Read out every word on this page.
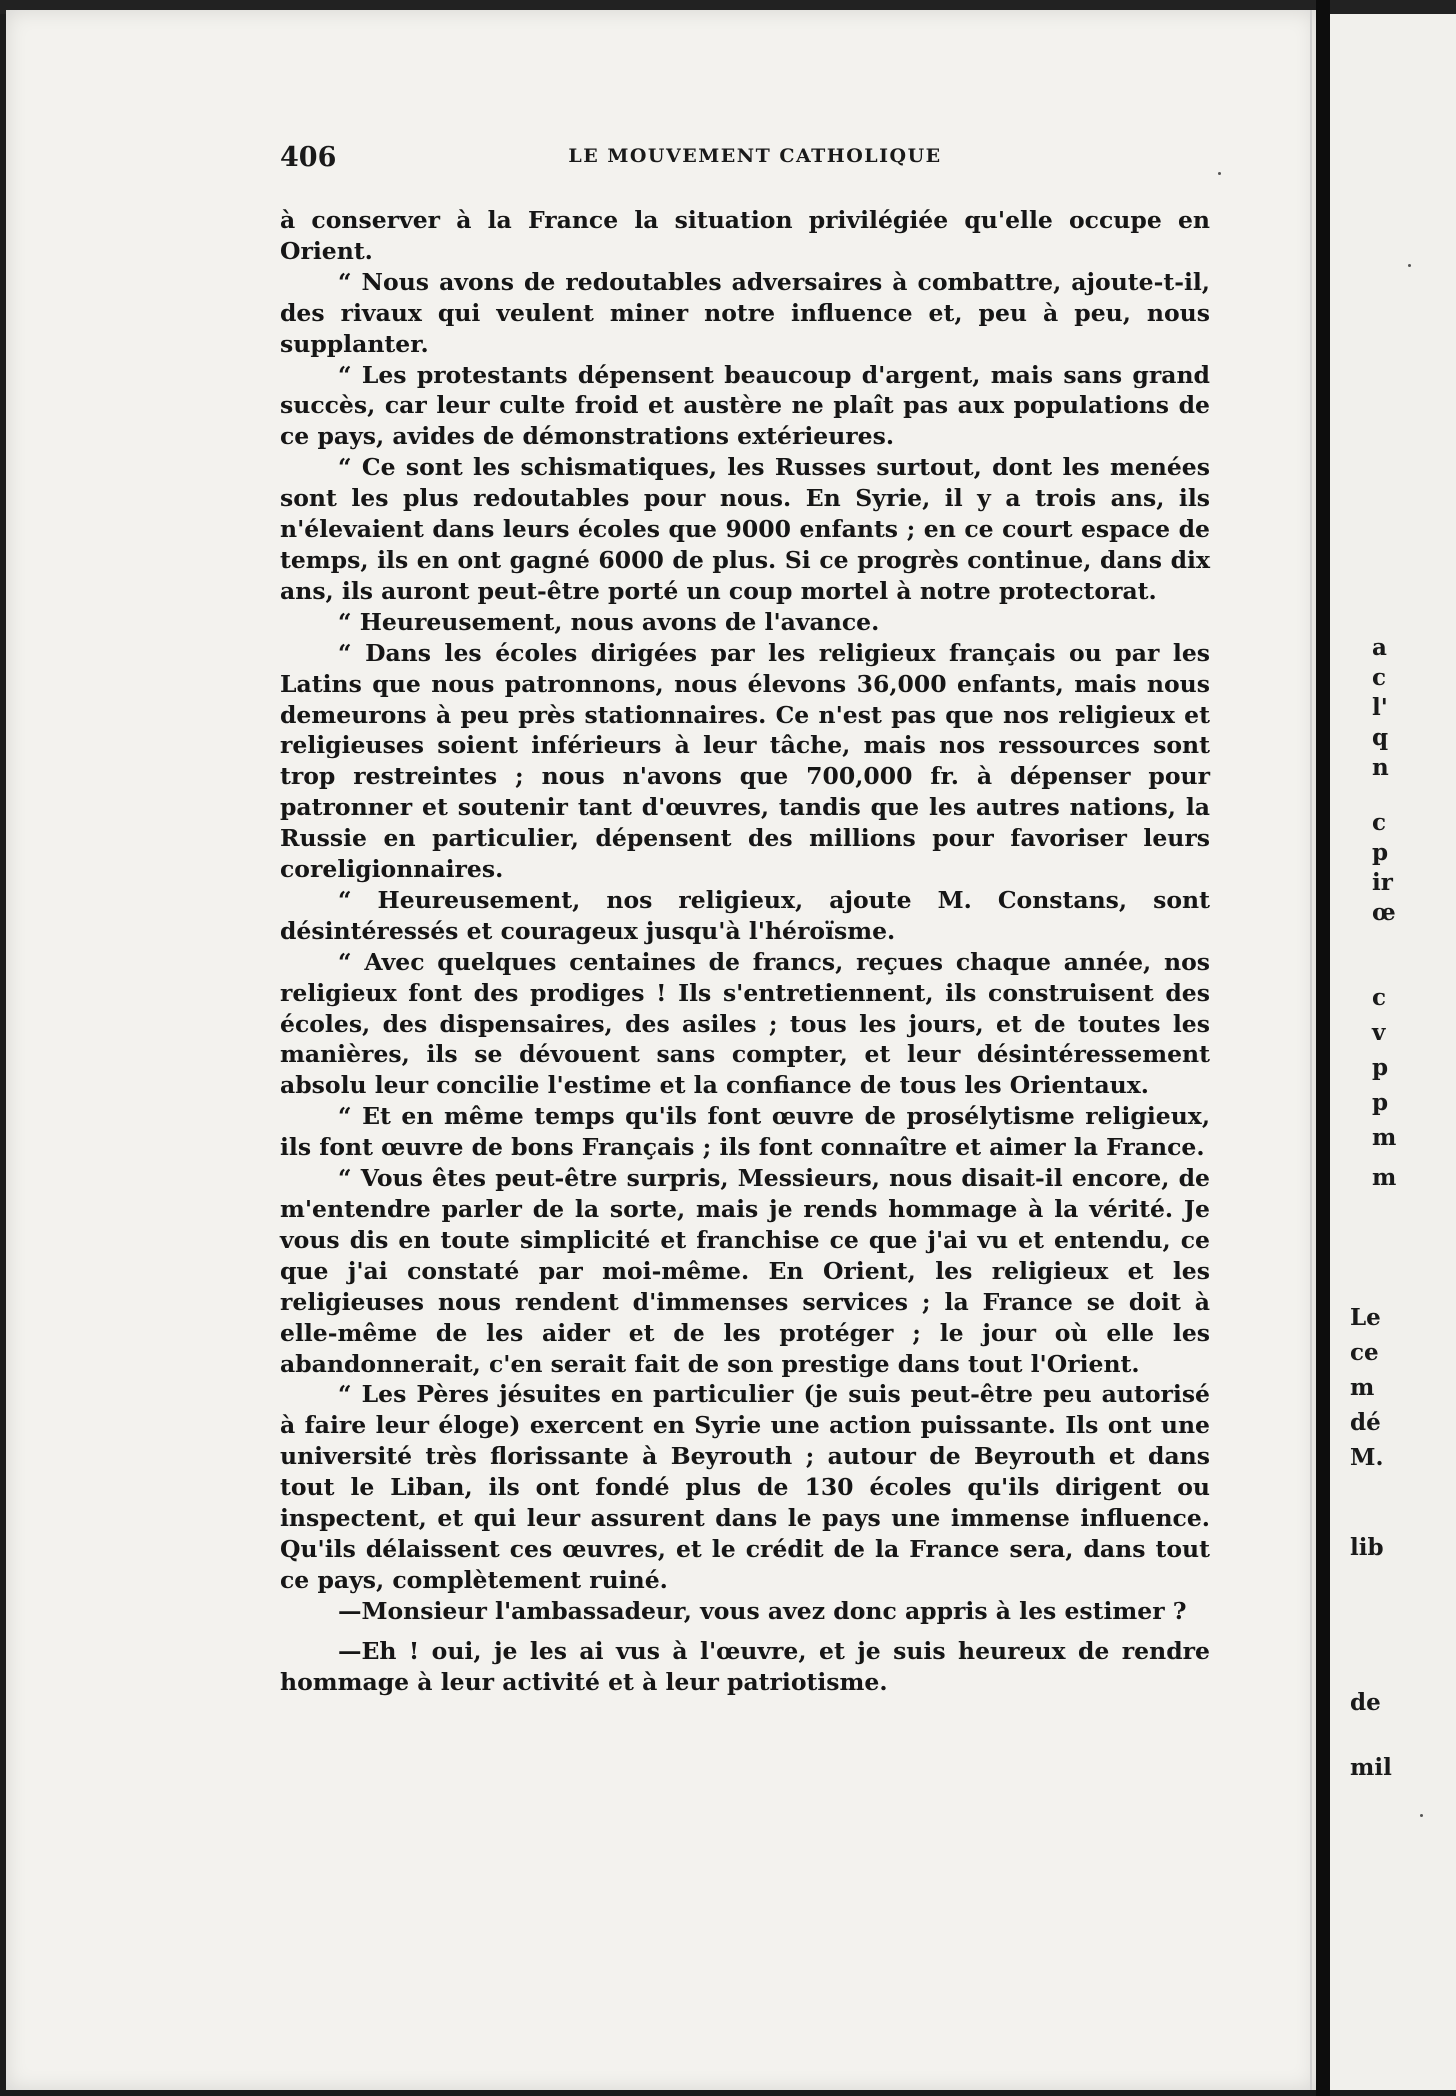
406	LE MOUVEMENT CATHOLIQUE

à conserver à la France la situation privilégiée qu'elle occupe en Orient.

“ Nous avons de redoutables adversaires à combattre, ajoute-t-il, des rivaux qui veulent miner notre influence et, peu à peu, nous supplanter.

“ Les protestants dépensent beaucoup d'argent, mais sans grand succès, car leur culte froid et austère ne plaît pas aux populations de ce pays, avides de démonstrations extérieures.

“ Ce sont les schismatiques, les Russes surtout, dont les menées sont les plus redoutables pour nous. En Syrie, il y a trois ans, ils n'élevaient dans leurs écoles que 9000 enfants ; en ce court espace de temps, ils en ont gagné 6000 de plus. Si ce progrès continue, dans dix ans, ils auront peut-être porté un coup mortel à notre protectorat.

“ Heureusement, nous avons de l'avance.

“ Dans les écoles dirigées par les religieux français ou par les Latins que nous patronnons, nous élevons 36,000 enfants, mais nous demeurons à peu près stationnaires. Ce n'est pas que nos religieux et religieuses soient inférieurs à leur tâche, mais nos ressources sont trop restreintes ; nous n'avons que 700,000 fr. à dépenser pour patronner et soutenir tant d'œuvres, tandis que les autres nations, la Russie en particulier, dépensent des millions pour favoriser leurs coreligionnaires.

“ Heureusement, nos religieux, ajoute M. Constans, sont désintéressés et courageux jusqu'à l'héroïsme.

“ Avec quelques centaines de francs, reçues chaque année, nos religieux font des prodiges ! Ils s'entretiennent, ils construisent des écoles, des dispensaires, des asiles ; tous les jours, et de toutes les manières, ils se dévouent sans compter, et leur désintéressement absolu leur concilie l'estime et la confiance de tous les Orientaux.

“ Et en même temps qu'ils font œuvre de prosélytisme religieux, ils font œuvre de bons Français ; ils font connaître et aimer la France.

“ Vous êtes peut-être surpris, Messieurs, nous disait-il encore, de m'entendre parler de la sorte, mais je rends hommage à la vérité. Je vous dis en toute simplicité et franchise ce que j'ai vu et entendu, ce que j'ai constaté par moi-même. En Orient, les religieux et les religieuses nous rendent d'immenses services ; la France se doit à elle-même de les aider et de les protéger ; le jour où elle les abandonnerait, c'en serait fait de son prestige dans tout l'Orient.

“ Les Pères jésuites en particulier (je suis peut-être peu autorisé à faire leur éloge) exercent en Syrie une action puissante. Ils ont une université très florissante à Beyrouth ; autour de Beyrouth et dans tout le Liban, ils ont fondé plus de 130 écoles qu'ils dirigent ou inspectent, et qui leur assurent dans le pays une immense influence. Qu'ils délaissent ces œuvres, et le crédit de la France sera, dans tout ce pays, complètement ruiné.

—Monsieur l'ambassadeur, vous avez donc appris à les estimer ?

—Eh ! oui, je les ai vus à l'œuvre, et je suis heureux de rendre hommage à leur activité et à leur patriotisme.

a
c
l'
q
n
c
p
ir
œ
c
v
p
p
m
m
Le
ce
m
dé
M.
lib
de
mil
